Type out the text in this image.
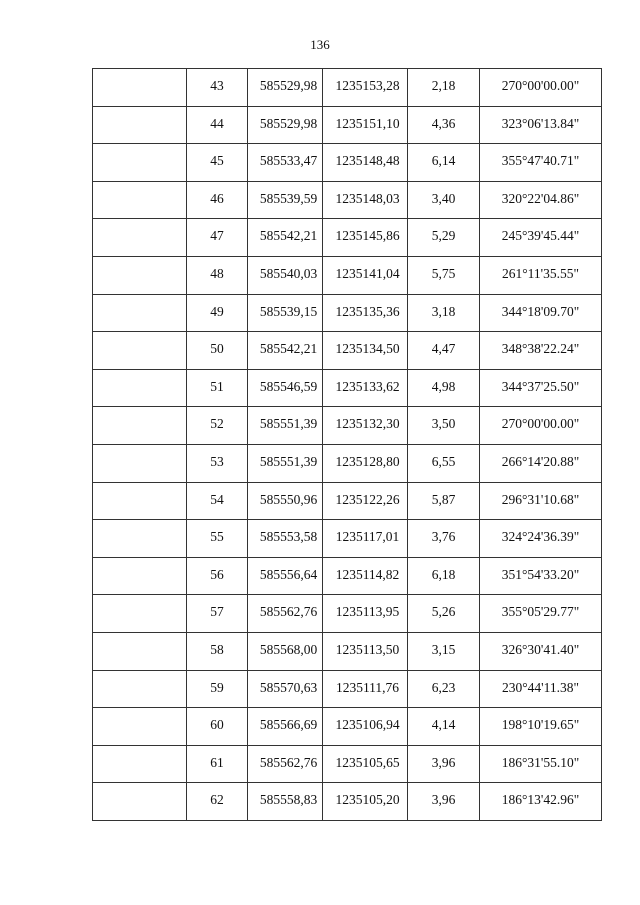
136

	43	585529,98	1235153,28	2,18	270°00'00.00"

	44	585529,98	1235151,10	4,36	323°06'13.84"

	45	585533,47	1235148,48	6,14	355°47'40.71"

	46	585539,59	1235148,03	3,40	320°22'04.86"

	47	585542,21	1235145,86	5,29	245°39'45.44"

	48	585540,03	1235141,04	5,75	261°11'35.55"

	49	585539,15	1235135,36	3,18	344°18'09.70"

	50	585542,21	1235134,50	4,47	348°38'22.24"

	51	585546,59	1235133,62	4,98	344°37'25.50"

	52	585551,39	1235132,30	3,50	270°00'00.00"

	53	585551,39	1235128,80	6,55	266°14'20.88"

	54	585550,96	1235122,26	5,87	296°31'10.68"

	55	585553,58	1235117,01	3,76	324°24'36.39"

	56	585556,64	1235114,82	6,18	351°54'33.20"

	57	585562,76	1235113,95	5,26	355°05'29.77"

	58	585568,00	1235113,50	3,15	326°30'41.40"

	59	585570,63	1235111,76	6,23	230°44'11.38"

	60	585566,69	1235106,94	4,14	198°10'19.65"

	61	585562,76	1235105,65	3,96	186°31'55.10"

	62	585558,83	1235105,20	3,96	186°13'42.96"
